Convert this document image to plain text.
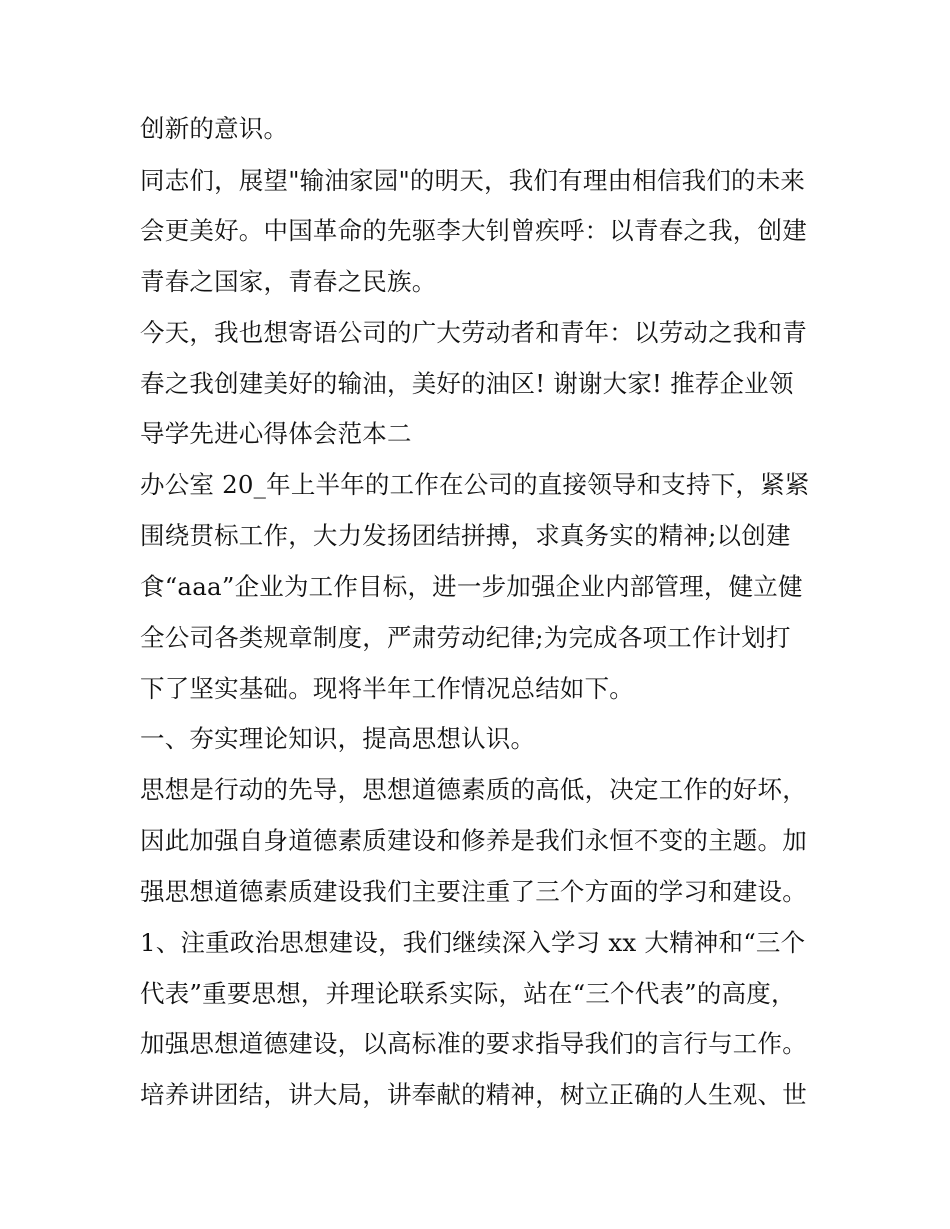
创新的意识。
同志们，展望"输油家园"的明天，我们有理由相信我们的未来
会更美好。中国革命的先驱李大钊曾疾呼：以青春之我，创建
青春之国家，青春之民族。
今天，我也想寄语公司的广大劳动者和青年：以劳动之我和青
春之我创建美好的输油，美好的油区! 谢谢大家! 推荐企业领
导学先进心得体会范本二
办公室 20_年上半年的工作在公司的直接领导和支持下，紧紧
围绕贯标工作，大力发扬团结拼搏，求真务实的精神;以创建
食“aaa”企业为工作目标，进一步加强企业内部管理，健立健
全公司各类规章制度，严肃劳动纪律;为完成各项工作计划打
下了坚实基础。现将半年工作情况总结如下。
一、夯实理论知识，提高思想认识。
思想是行动的先导，思想道德素质的高低，决定工作的好坏，
因此加强自身道德素质建设和修养是我们永恒不变的主题。加
强思想道德素质建设我们主要注重了三个方面的学习和建设。
1、注重政治思想建设，我们继续深入学习 xx 大精神和“三个
代表”重要思想，并理论联系实际，站在“三个代表”的高度，
加强思想道德建设，以高标准的要求指导我们的言行与工作。
培养讲团结，讲大局，讲奉献的精神，树立正确的人生观、世
